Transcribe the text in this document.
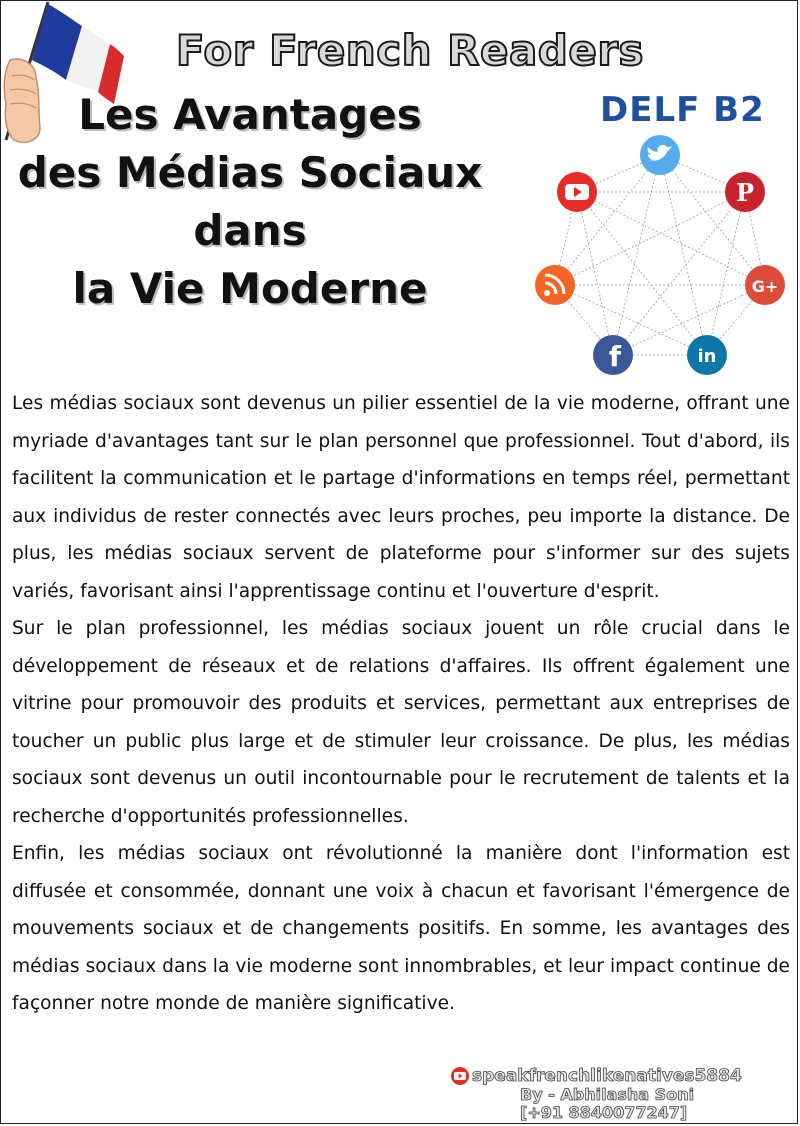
For French Readers
Les Avantages
des Médias Sociaux
dans
la Vie Moderne
DELF B2
P
G+
in
f

Les médias sociaux sont devenus un pilier essentiel de la vie moderne, offrant une myriade d'avantages tant sur le plan personnel que professionnel. Tout d'abord, ils facilitent la communication et le partage d'informations en temps réel, permettant aux individus de rester connectés avec leurs proches, peu importe la distance. De plus, les médias sociaux servent de plateforme pour s'informer sur des sujets variés, favorisant ainsi l'apprentissage continu et l'ouverture d'esprit.

Sur le plan professionnel, les médias sociaux jouent un rôle crucial dans le développement de réseaux et de relations d'affaires. Ils offrent également une vitrine pour promouvoir des produits et services, permettant aux entreprises de toucher un public plus large et de stimuler leur croissance. De plus, les médias sociaux sont devenus un outil incontournable pour le recrutement de talents et la recherche d'opportunités professionnelles.

Enfin, les médias sociaux ont révolutionné la manière dont l'information est diffusée et consommée, donnant une voix à chacun et favorisant l'émergence de mouvements sociaux et de changements positifs. En somme, les avantages des médias sociaux dans la vie moderne sont innombrables, et leur impact continue de façonner notre monde de manière significative.

speakfrenchlikenatives5884
By - Abhilasha Soni
[+91 8840077247]
